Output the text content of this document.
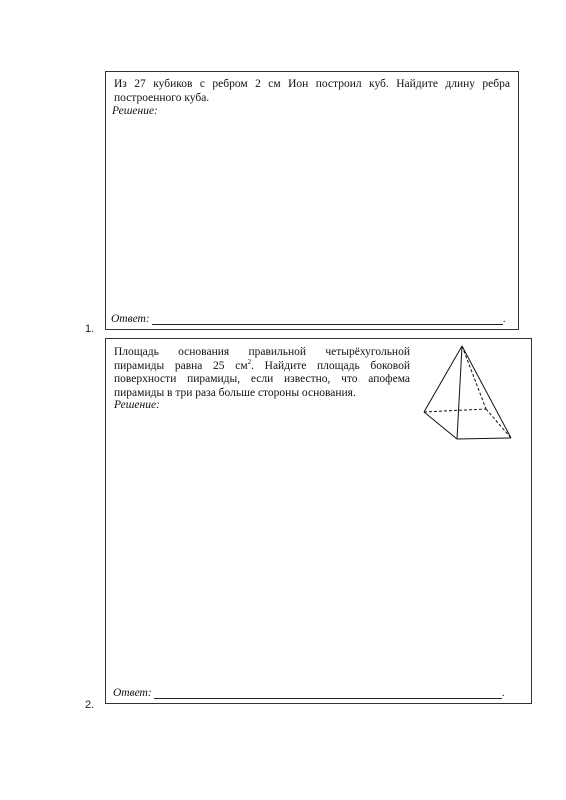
Из 27 кубиков с ребром 2 см Ион построил куб. Найдите длину ребра построенного куба.
Решение:
Ответ:	.
1.
Площадь основания правильной четырёхугольной пирамиды равна 25 $см^2$. Найдите площадь боковой поверхности пирамиды, если известно, что апофема пирамиды в три раза больше стороны основания.
Решение:
Ответ:	.
2.
